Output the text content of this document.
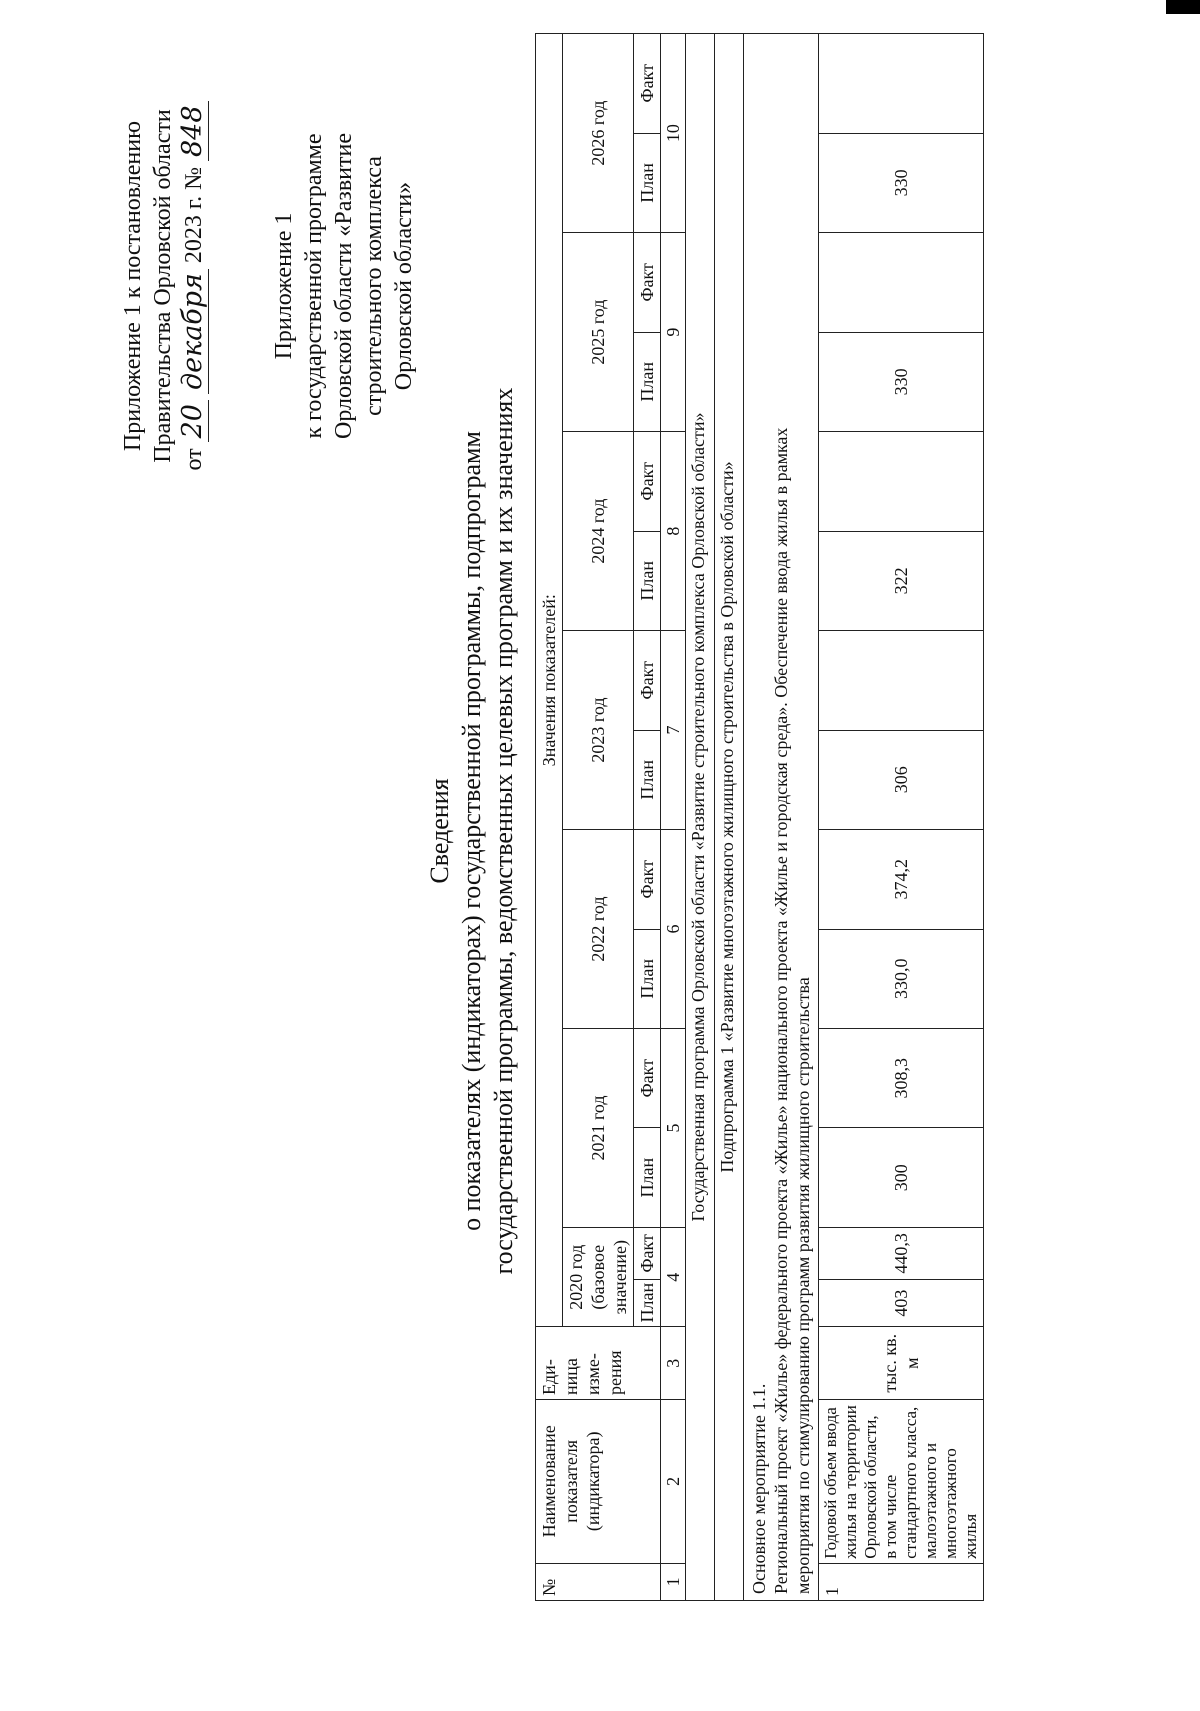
Приложение 1 к постановлению Правительства Орловской области от 20 декабря 2023 г. № 848
Приложение 1 к государственной программе Орловской области «Развитие строительного комплекса Орловской области»
Сведения о показателях (индикаторах) государственной программы, подпрограмм государственной программы, ведомственных целевых программ и их значениях
№	Наименование показателя (индикатора)	Еди-ница изме-рения	Значения показателей:													
			2020 год (базовое значение)		2021 год		2022 год		2023 год		2024 год		2025 год		2026 год	
			План	Факт	План	Факт	План	Факт	План	Факт	План	Факт	План	Факт	План	Факт
1	2	3	4		5		6		7		8		9		10	
Государственная программа Орловской области «Развитие строительного комплекса Орловской области»																
Подпрограмма 1 «Развитие многоэтажного жилищного строительства в Орловской области»																
Основное мероприятие 1.1. Региональный проект «Жилье» федерального проекта «Жилье» национального проекта «Жилье и городская среда». Обеспечение ввода жилья в рамках мероприятия по стимулированию программ развития жилищного строительства																
1	Годовой объем ввода жилья на территории Орловской области, в том числе стандартного класса, малоэтажного и многоэтажного жилья	тыс. кв. м	403	440,3	300	308,3	330,0	374,2	306		322		330		330	
